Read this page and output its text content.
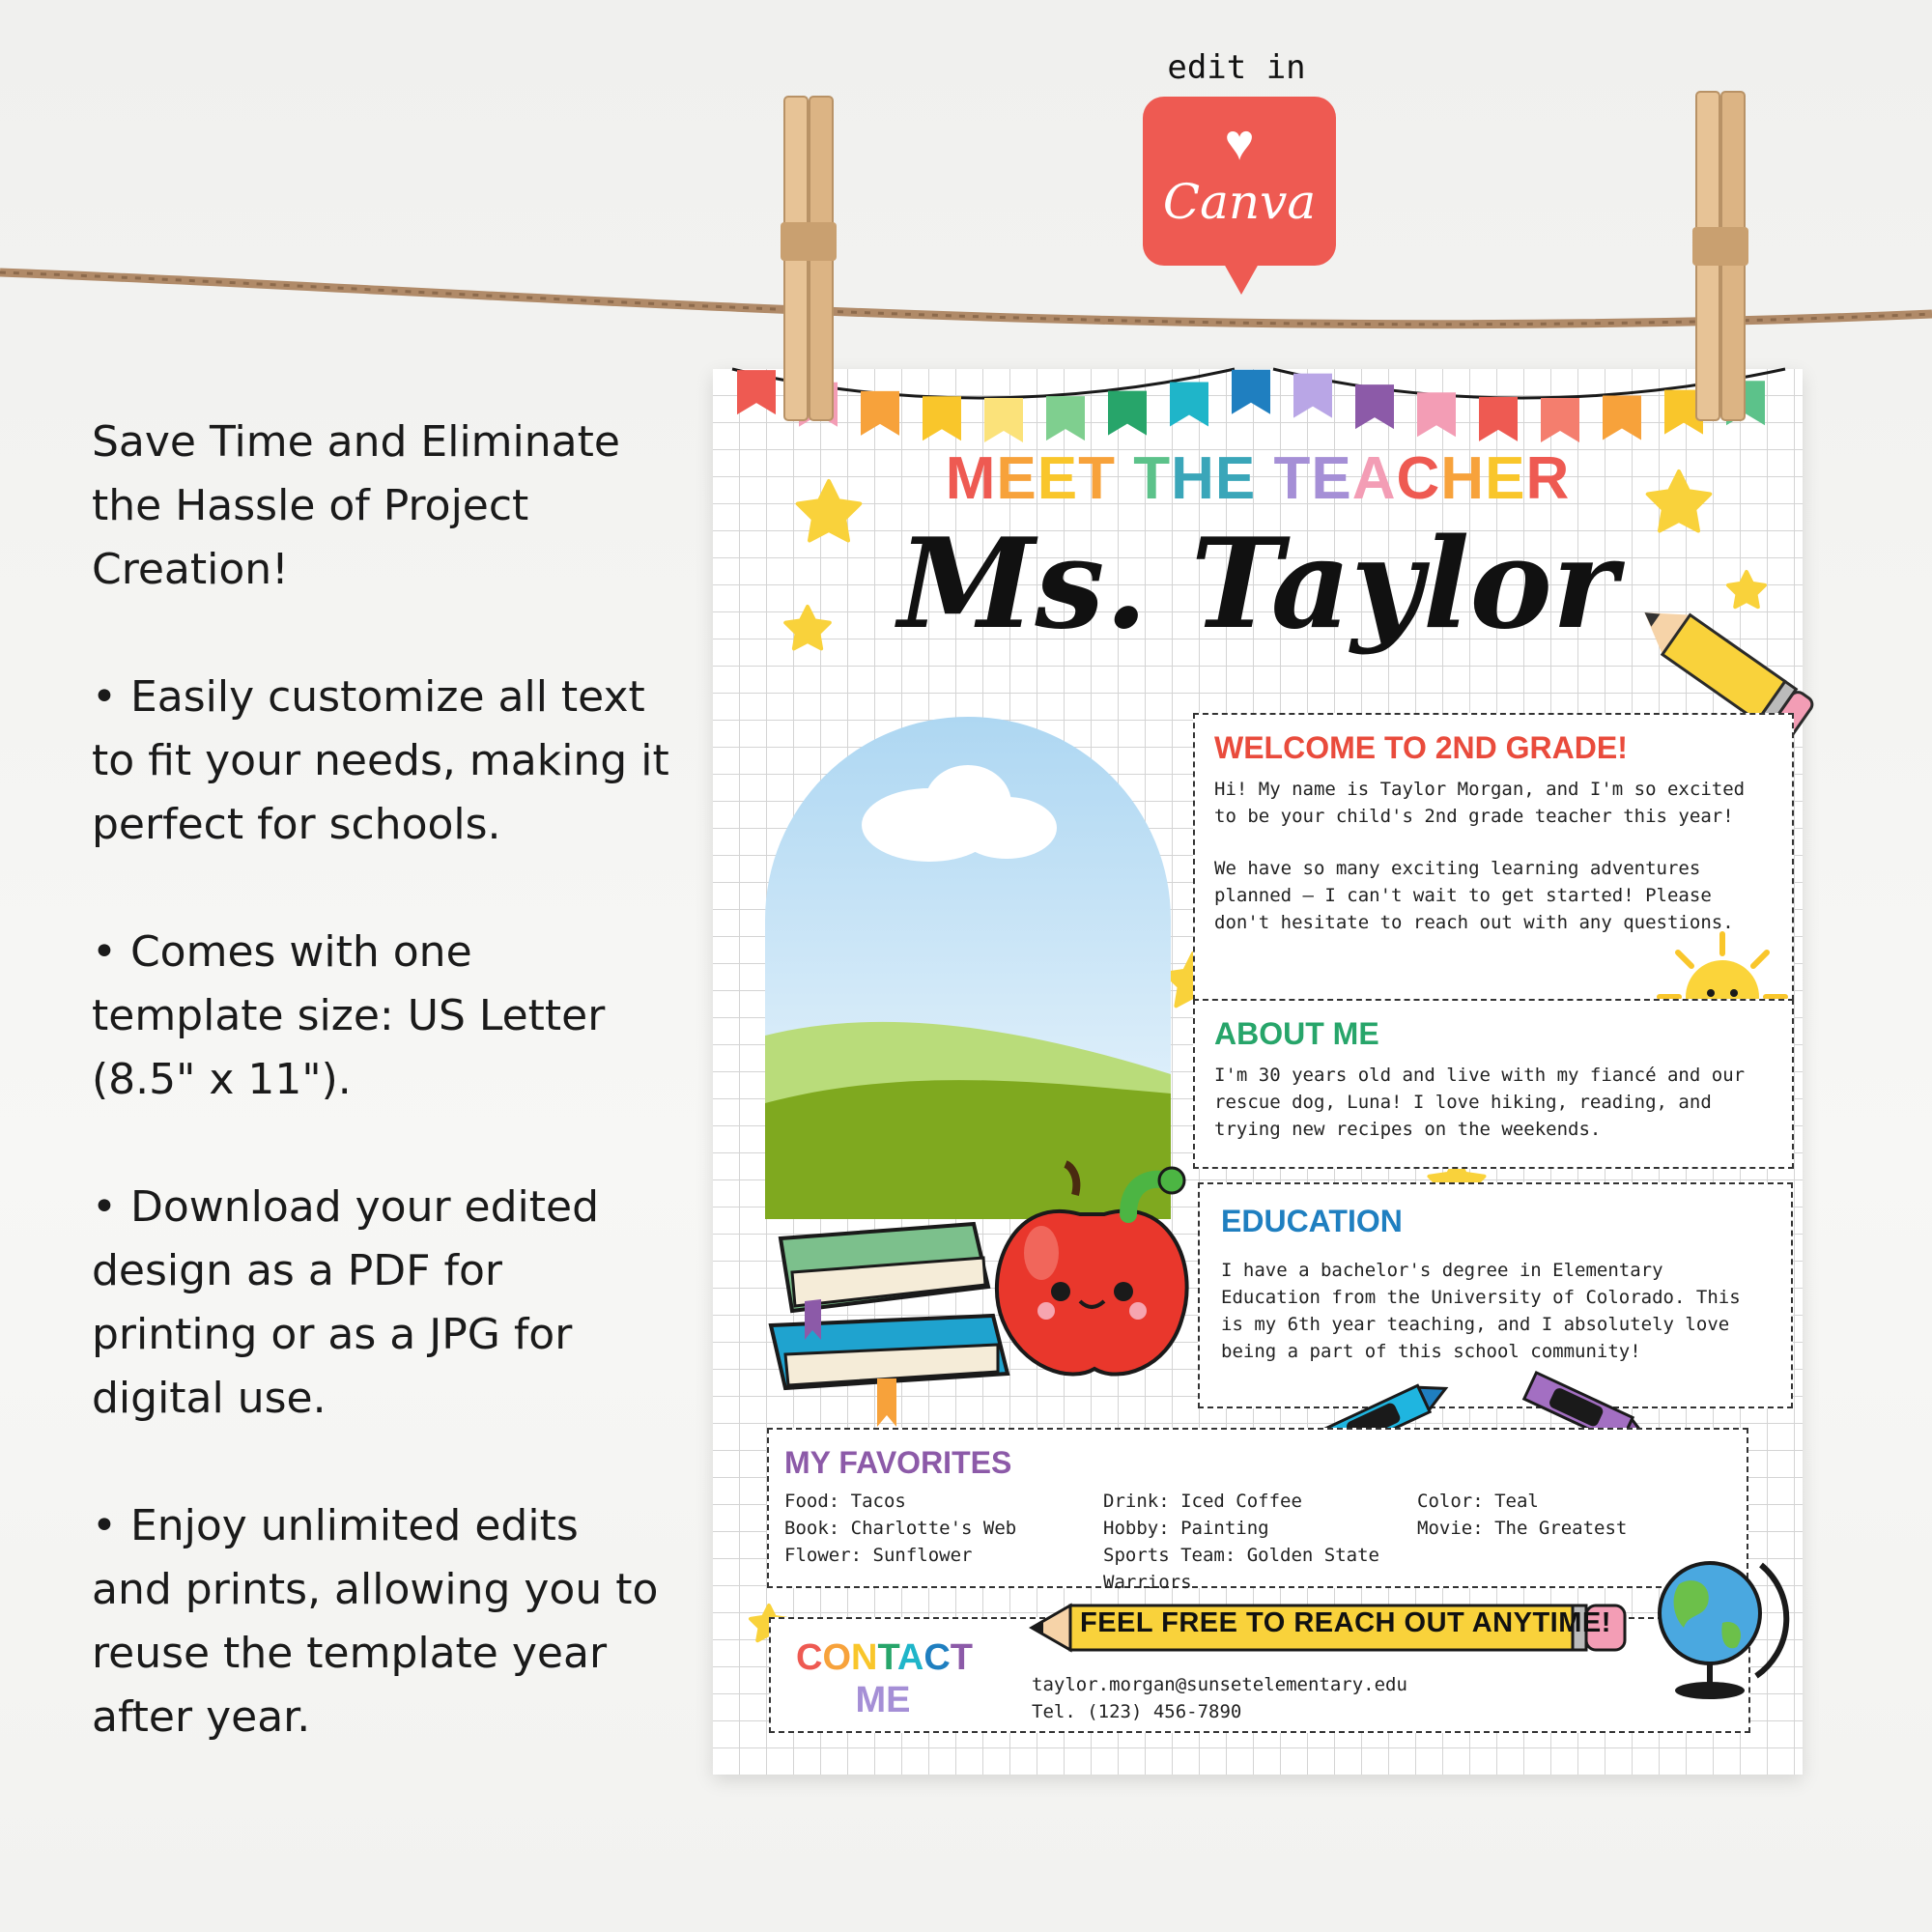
Save Time and Eliminate the Hassle of Project Creation!

• Easily customize all text to fit your needs, making it perfect for schools.

• Comes with one template size: US Letter (8.5" x 11").

• Download your edited design as a PDF for printing or as a JPG for digital use.

• Enjoy unlimited edits and prints, allowing you to reuse the template year after year.

edit in
♥
Canva
MEET THE TEACHER
Ms. Taylor
WELCOME TO 2ND GRADE!
Hi! My name is Taylor Morgan, and I'm so excited to be your child's 2nd grade teacher this year!
We have so many exciting learning adventures planned — I can't wait to get started! Please don't hesitate to reach out with any questions.
ABOUT ME
I'm 30 years old and live with my fiancé and our rescue dog, Luna! I love hiking, reading, and trying new recipes on the weekends.
EDUCATION
I have a bachelor's degree in Elementary Education from the University of Colorado. This is my 6th year teaching, and I absolutely love being a part of this school community!
MY FAVORITES
Food: Tacos	Drink: Iced Coffee	Color: Teal
Book: Charlotte's Web	Hobby: Painting	Movie: The Greatest
Flower: Sunflower	Sports Team: Golden State Warriors
FEEL FREE TO REACH OUT ANYTIME!
CONTACT
ME	taylor.morgan@sunsetelementary.edu
Tel. (123) 456-7890
